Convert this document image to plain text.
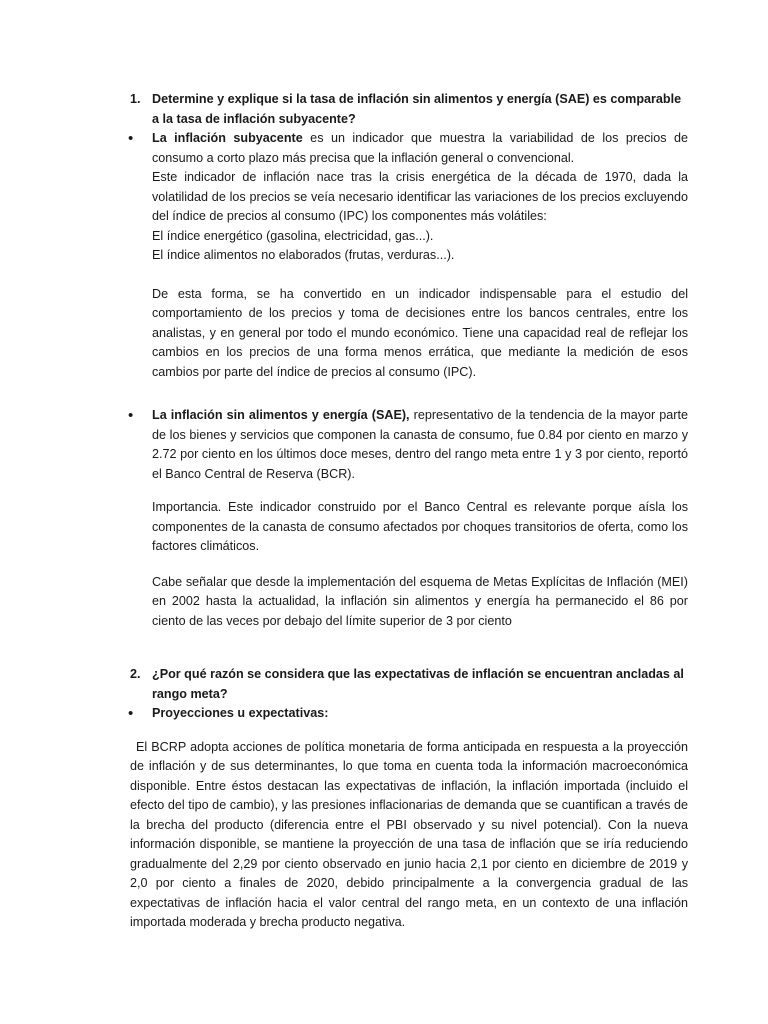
1. Determine y explique si la tasa de inflación sin alimentos y energía (SAE) es comparable a la tasa de inflación subyacente?
• La inflación subyacente es un indicador que muestra la variabilidad de los precios de consumo a corto plazo más precisa que la inflación general o convencional.
Este indicador de inflación nace tras la crisis energética de la década de 1970, dada la volatilidad de los precios se veía necesario identificar las variaciones de los precios excluyendo del índice de precios al consumo (IPC) los componentes más volátiles:
El índice energético (gasolina, electricidad, gas...).
El índice alimentos no elaborados (frutas, verduras...).
De esta forma, se ha convertido en un indicador indispensable para el estudio del comportamiento de los precios y toma de decisiones entre los bancos centrales, entre los analistas, y en general por todo el mundo económico. Tiene una capacidad real de reflejar los cambios en los precios de una forma menos errática, que mediante la medición de esos cambios por parte del índice de precios al consumo (IPC).
• La inflación sin alimentos y energía (SAE), representativo de la tendencia de la mayor parte de los bienes y servicios que componen la canasta de consumo, fue 0.84 por ciento en marzo y 2.72 por ciento en los últimos doce meses, dentro del rango meta entre 1 y 3 por ciento, reportó el Banco Central de Reserva (BCR).
Importancia. Este indicador construido por el Banco Central es relevante porque aísla los componentes de la canasta de consumo afectados por choques transitorios de oferta, como los factores climáticos.
Cabe señalar que desde la implementación del esquema de Metas Explícitas de Inflación (MEI) en 2002 hasta la actualidad, la inflación sin alimentos y energía ha permanecido el 86 por ciento de las veces por debajo del límite superior de 3 por ciento
2. ¿Por qué razón se considera que las expectativas de inflación se encuentran ancladas al rango meta?
• Proyecciones u expectativas:
El BCRP adopta acciones de política monetaria de forma anticipada en respuesta a la proyección de inflación y de sus determinantes, lo que toma en cuenta toda la información macroeconómica disponible. Entre éstos destacan las expectativas de inflación, la inflación importada (incluido el efecto del tipo de cambio), y las presiones inflacionarias de demanda que se cuantifican a través de la brecha del producto (diferencia entre el PBI observado y su nivel potencial). Con la nueva información disponible, se mantiene la proyección de una tasa de inflación que se iría reduciendo gradualmente del 2,29 por ciento observado en junio hacia 2,1 por ciento en diciembre de 2019 y 2,0 por ciento a finales de 2020, debido principalmente a la convergencia gradual de las expectativas de inflación hacia el valor central del rango meta, en un contexto de una inflación importada moderada y brecha producto negativa.
